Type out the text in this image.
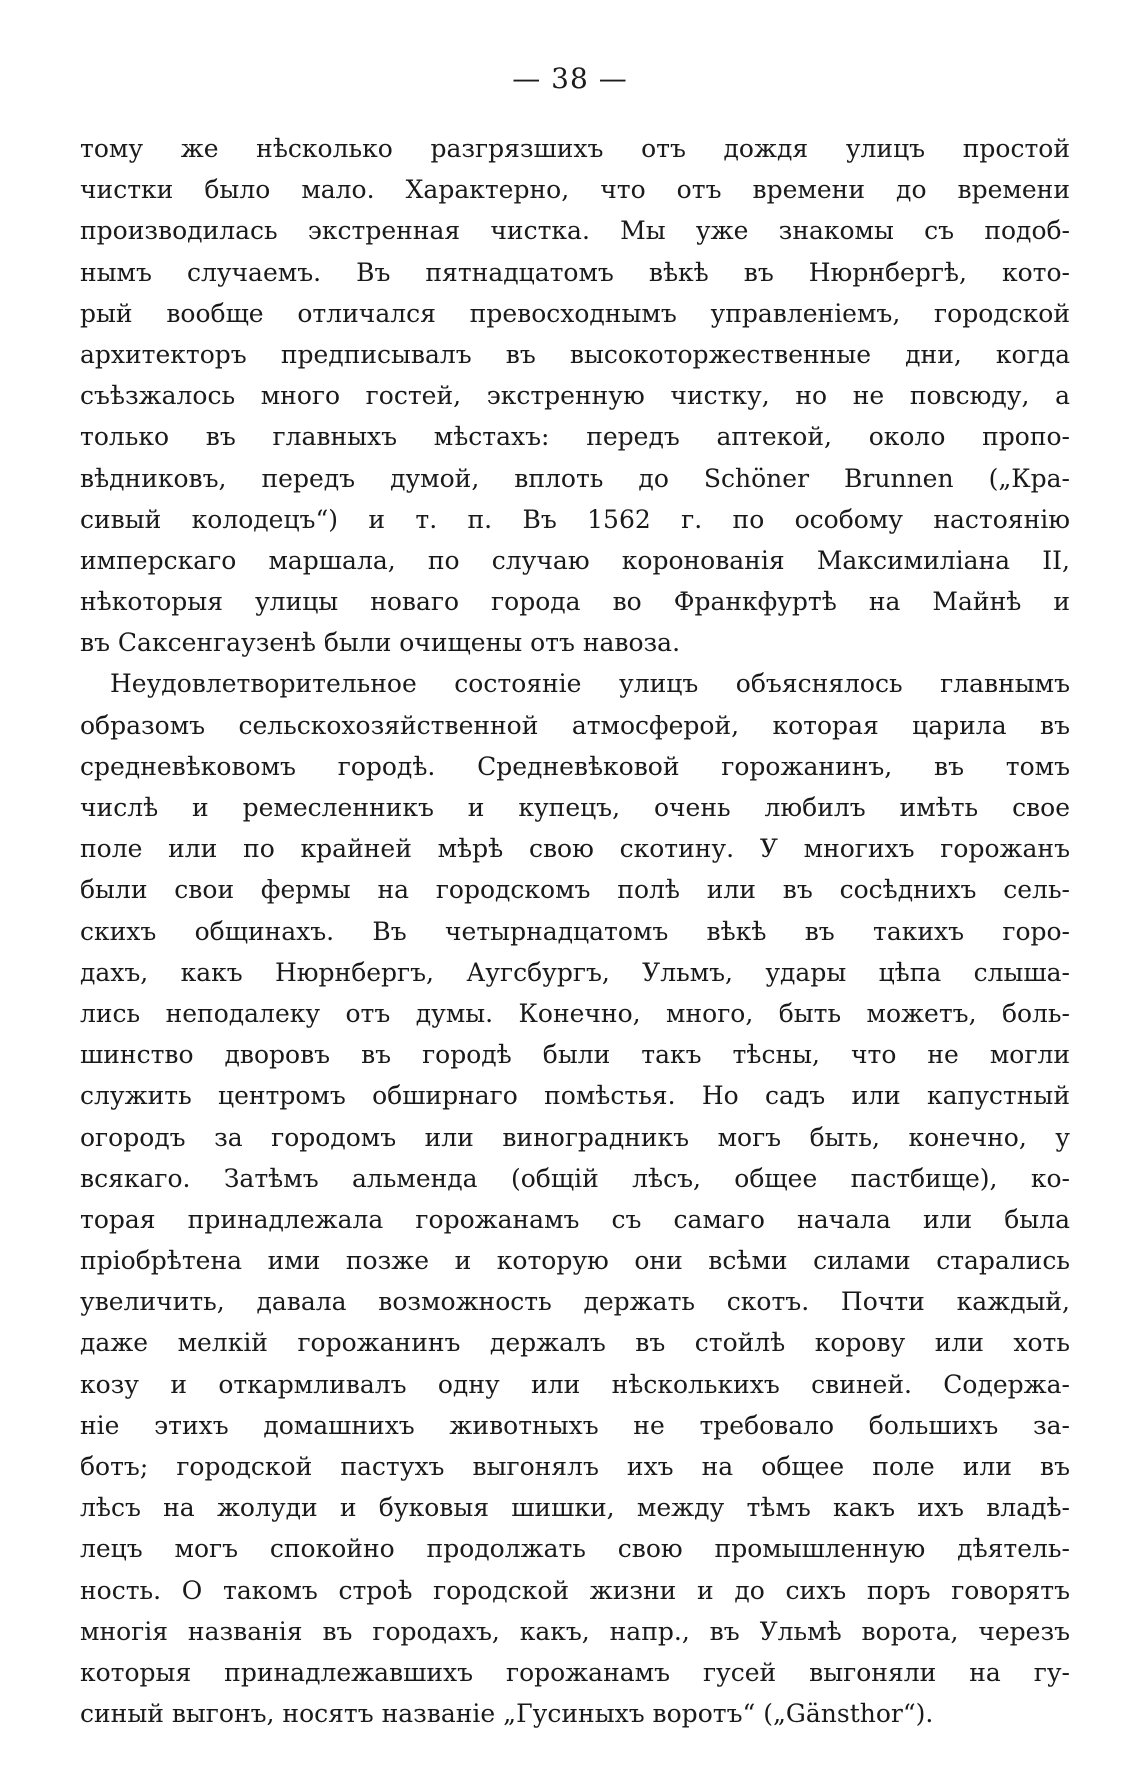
— 38 —
тому же нѣсколько разгрязшихъ отъ дождя улицъ простой
чистки было мало. Характерно, что отъ времени до времени
производилась экстренная чистка. Мы уже знакомы съ подоб-
нымъ случаемъ. Въ пятнадцатомъ вѣкѣ въ Нюрнбергѣ, кото-
рый вообще отличался превосходнымъ управленіемъ, городской
архитекторъ предписывалъ въ высокоторжественные дни, когда
съѣзжалось много гостей, экстренную чистку, но не повсюду, а
только въ главныхъ мѣстахъ: передъ аптекой, около пропо-
вѣдниковъ, передъ думой, вплоть до Schöner Brunnen („Кра-
сивый колодецъ“) и т. п. Въ 1562 г. по особому настоянію
имперскаго маршала, по случаю коронованія Максимиліана II,
нѣкоторыя улицы новаго города во Франкфуртѣ на Майнѣ и
въ Саксенгаузенѣ были очищены отъ навоза.
Неудовлетворительное состояніе улицъ объяснялось главнымъ
образомъ сельскохозяйственной атмосферой, которая царила въ
средневѣковомъ городѣ. Средневѣковой горожанинъ, въ томъ
числѣ и ремесленникъ и купецъ, очень любилъ имѣть свое
поле или по крайней мѣрѣ свою скотину. У многихъ горожанъ
были свои фермы на городскомъ полѣ или въ сосѣднихъ сель-
скихъ общинахъ. Въ четырнадцатомъ вѣкѣ въ такихъ горо-
дахъ, какъ Нюрнбергъ, Аугсбургъ, Ульмъ, удары цѣпа слыша-
лись неподалеку отъ думы. Конечно, много, быть можетъ, боль-
шинство дворовъ въ городѣ были такъ тѣсны, что не могли
служить центромъ обширнаго помѣстья. Но садъ или капустный
огородъ за городомъ или виноградникъ могъ быть, конечно, у
всякаго. Затѣмъ альменда (общій лѣсъ, общее пастбище), ко-
торая принадлежала горожанамъ съ самаго начала или была
пріобрѣтена ими позже и которую они всѣми силами старались
увеличить, давала возможность держать скотъ. Почти каждый,
даже мелкій горожанинъ держалъ въ стойлѣ корову или хоть
козу и откармливалъ одну или нѣсколькихъ свиней. Содержа-
ніе этихъ домашнихъ животныхъ не требовало большихъ за-
ботъ; городской пастухъ выгонялъ ихъ на общее поле или въ
лѣсъ на жолуди и буковыя шишки, между тѣмъ какъ ихъ владѣ-
лецъ могъ спокойно продолжать свою промышленную дѣятель-
ность. О такомъ строѣ городской жизни и до сихъ поръ говорятъ
многія названія въ городахъ, какъ, напр., въ Ульмѣ ворота, черезъ
которыя принадлежавшихъ горожанамъ гусей выгоняли на гу-
синый выгонъ, носятъ названіе „Гусиныхъ воротъ“ („Gänsthor“).
